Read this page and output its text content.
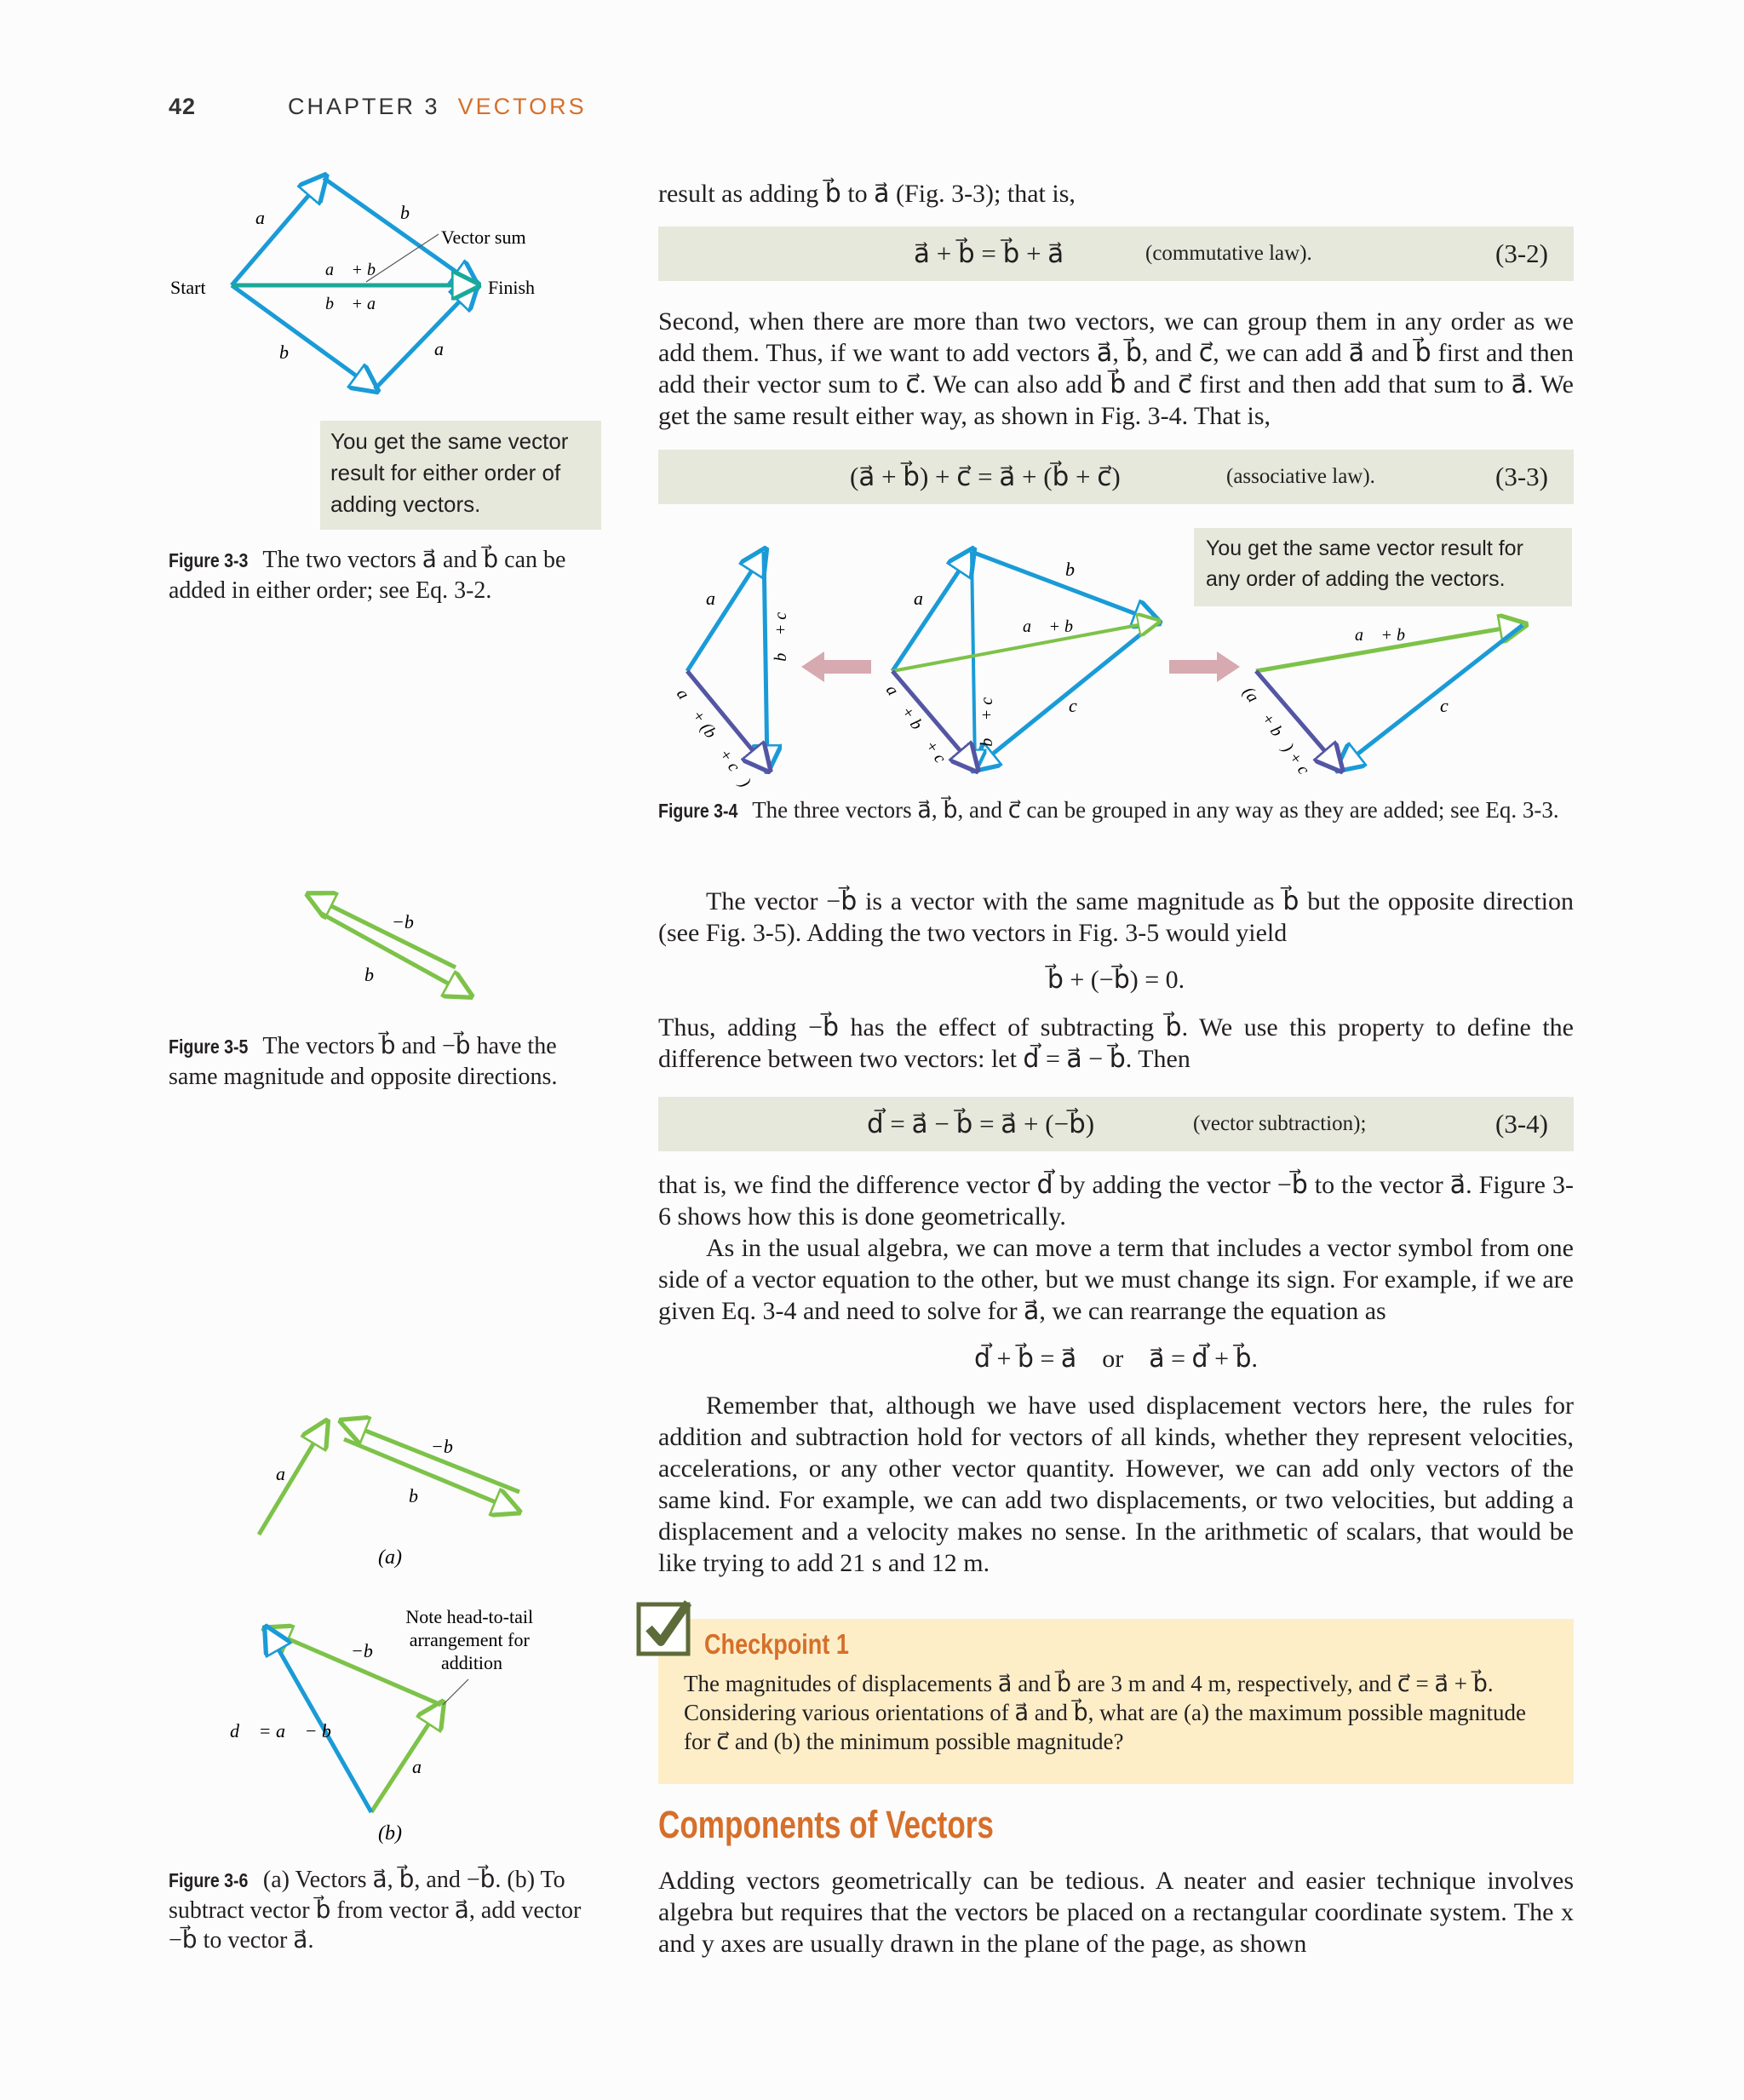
42	CHAPTER 3 VECTORS
Start	Finish
Vector sum
a⃗	b⃗
a⃗ + b⃗
b⃗ + a⃗
b⃗	a⃗
You get the same vector result for either order of adding vectors.
Figure 3-3 The two vectors a⃗ and b⃗ can be added in either order; see Eq. 3-2.
result as adding b⃗ to a⃗ (Fig. 3-3); that is,
a⃗ + b⃗ = b⃗ + a⃗	(commutative law).	(3-2)
Second, when there are more than two vectors, we can group them in any order as we add them. Thus, if we want to add vectors a⃗, b⃗, and c⃗, we can add a⃗ and b⃗ first and then add their vector sum to c⃗. We can also add b⃗ and c⃗ first and then add that sum to a⃗. We get the same result either way, as shown in Fig. 3-4. That is,
(a⃗ + b⃗) + c⃗ = a⃗ + (b⃗ + c⃗)	(associative law).	(3-3)
You get the same vector result for any order of adding the vectors.
a⃗
b⃗ + c⃗
a⃗ + (b⃗ + c⃗)
a⃗
b⃗
a⃗ + b⃗
c⃗
b⃗ + c⃗
a⃗ + b⃗ + c⃗
a⃗ + b⃗
c⃗
(a⃗ + b⃗) + c⃗
Figure 3-4 The three vectors a⃗, b⃗, and c⃗ can be grouped in any way as they are added; see Eq. 3-3.
−b⃗
b⃗
Figure 3-5 The vectors b⃗ and −b⃗ have the same magnitude and opposite directions.
The vector −b⃗ is a vector with the same magnitude as b⃗ but the opposite direction (see Fig. 3-5). Adding the two vectors in Fig. 3-5 would yield
b⃗ + (−b⃗) = 0.
Thus, adding −b⃗ has the effect of subtracting b⃗. We use this property to define the difference between two vectors: let d⃗ = a⃗ − b⃗. Then
d⃗ = a⃗ − b⃗ = a⃗ + (−b⃗)	(vector subtraction);	(3-4)
that is, we find the difference vector d⃗ by adding the vector −b⃗ to the vector a⃗. Figure 3-6 shows how this is done geometrically.
As in the usual algebra, we can move a term that includes a vector symbol from one side of a vector equation to the other, but we must change its sign. For example, if we are given Eq. 3-4 and need to solve for a⃗, we can rearrange the equation as
d⃗ + b⃗ = a⃗    or    a⃗ = d⃗ + b⃗.
Remember that, although we have used displacement vectors here, the rules for addition and subtraction hold for vectors of all kinds, whether they represent velocities, accelerations, or any other vector quantity. However, we can add only vectors of the same kind. For example, we can add two displacements, or two velocities, but adding a displacement and a velocity makes no sense. In the arithmetic of scalars, that would be like trying to add 21 s and 12 m.
a⃗
−b⃗
b⃗
(a)
Note head-to-tail arrangement for addition
−b⃗
d⃗ = a⃗ − b⃗
a⃗
(b)
Figure 3-6 (a) Vectors a⃗, b⃗, and −b⃗. (b) To subtract vector b⃗ from vector a⃗, add vector −b⃗ to vector a⃗.
Checkpoint 1
The magnitudes of displacements a⃗ and b⃗ are 3 m and 4 m, respectively, and c⃗ = a⃗ + b⃗. Considering various orientations of a⃗ and b⃗, what are (a) the maximum possible magnitude for c⃗ and (b) the minimum possible magnitude?
Components of Vectors
Adding vectors geometrically can be tedious. A neater and easier technique involves algebra but requires that the vectors be placed on a rectangular coordinate system. The x and y axes are usually drawn in the plane of the page, as shown
